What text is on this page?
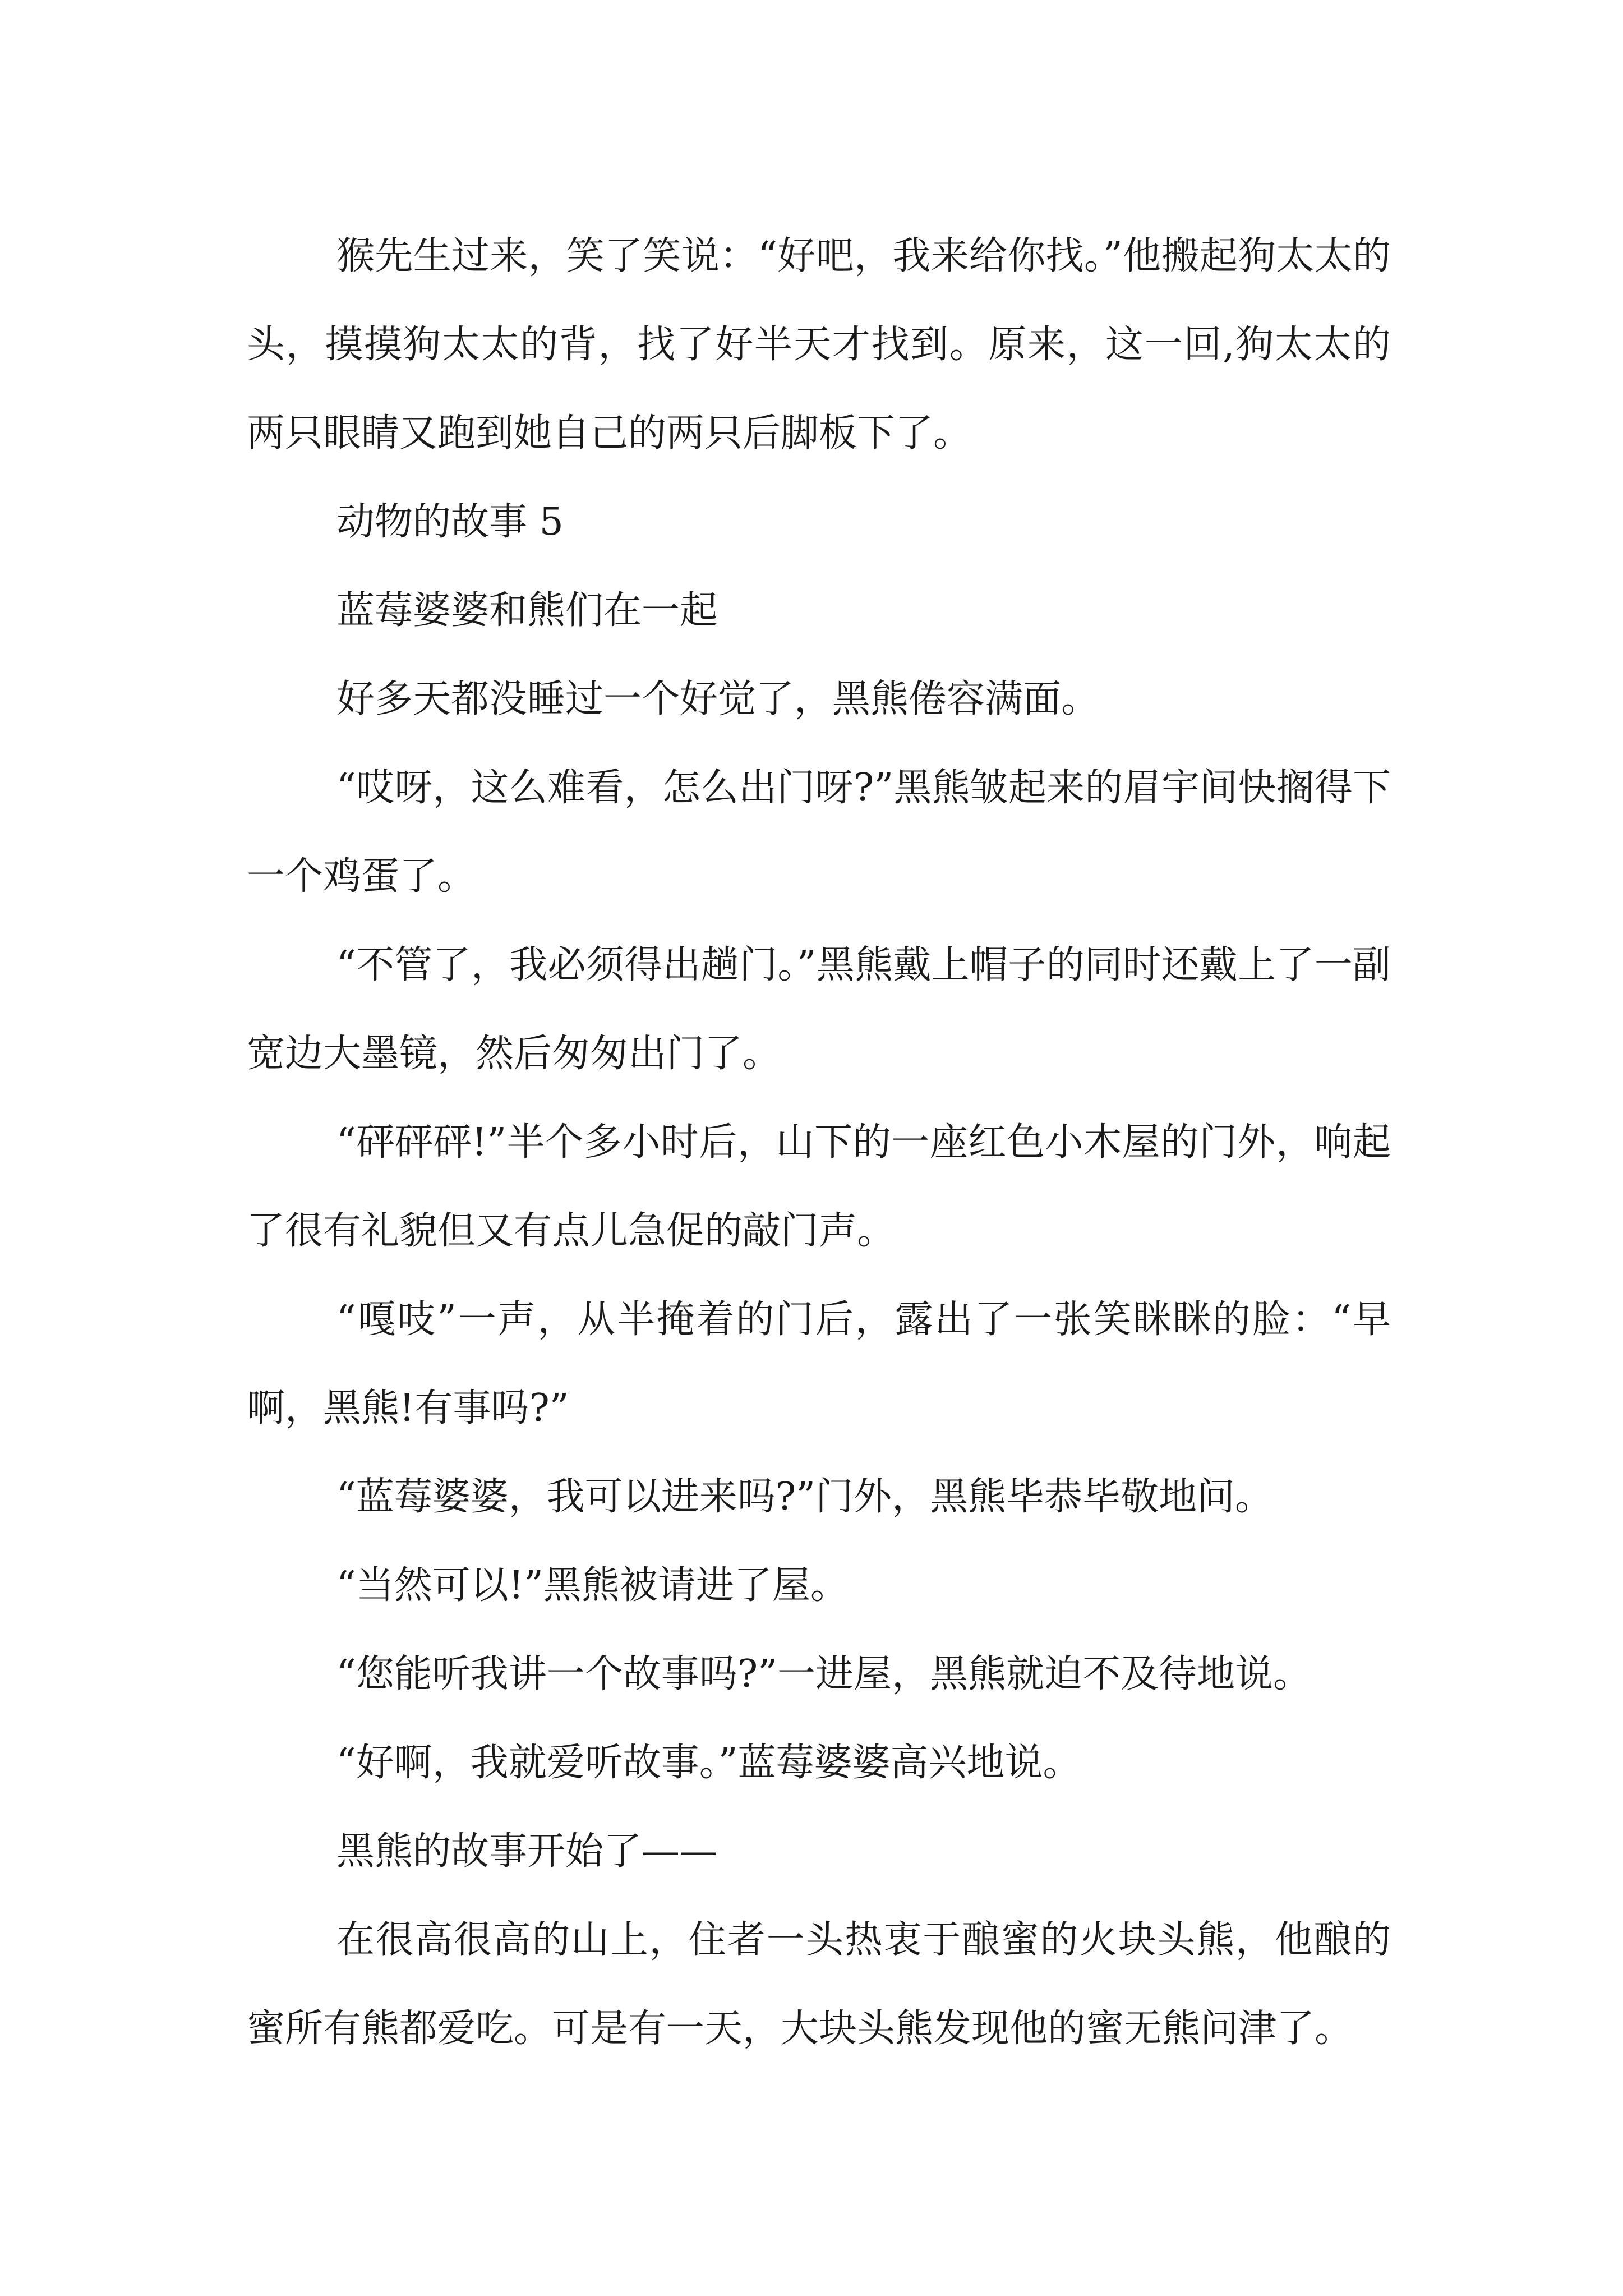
猴先生过来，笑了笑说：“好吧，我来给你找。”他搬起狗太太的头，摸摸狗太太的背，找了好半天才找到。原来，这一回,狗太太的两只眼睛又跑到她自己的两只后脚板下了。

动物的故事 5

蓝莓婆婆和熊们在一起

好多天都没睡过一个好觉了，黑熊倦容满面。

“哎呀，这么难看，怎么出门呀?”黑熊皱起来的眉宇间快搁得下一个鸡蛋了。

“不管了，我必须得出趟门。”黑熊戴上帽子的同时还戴上了一副宽边大墨镜，然后匆匆出门了。

“砰砰砰!”半个多小时后，山下的一座红色小木屋的门外，响起了很有礼貌但又有点儿急促的敲门声。

“嘎吱”一声，从半掩着的门后，露出了一张笑眯眯的脸：“早啊，黑熊!有事吗?”

“蓝莓婆婆，我可以进来吗?”门外，黑熊毕恭毕敬地问。

“当然可以!”黑熊被请进了屋。

“您能听我讲一个故事吗?”一进屋，黑熊就迫不及待地说。

“好啊，我就爱听故事。”蓝莓婆婆高兴地说。

黑熊的故事开始了——

在很高很高的山上，住者一头热衷于酿蜜的火块头熊，他酿的蜜所有熊都爱吃。可是有一天，大块头熊发现他的蜜无熊问津了。
